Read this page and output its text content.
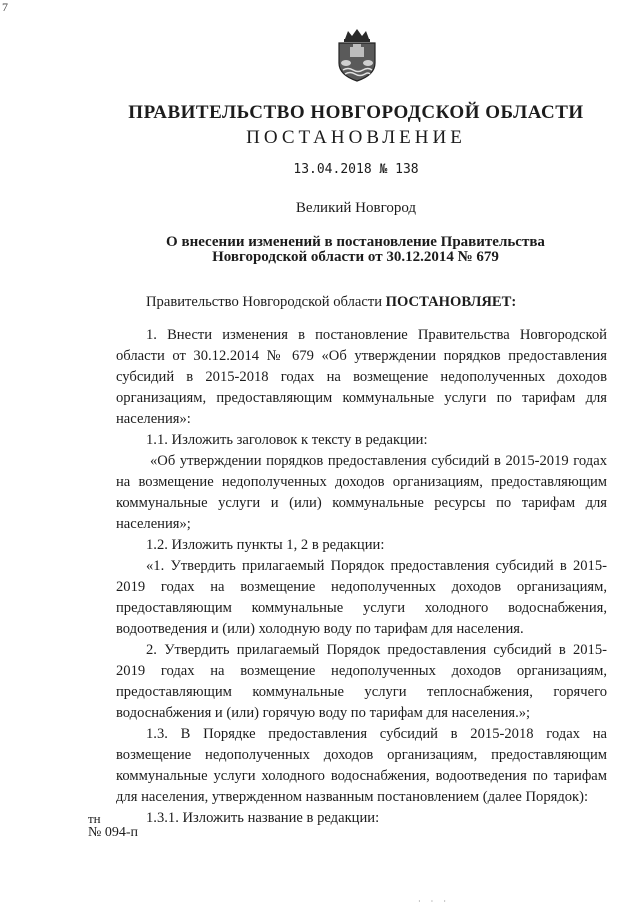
7
ПРАВИТЕЛЬСТВО НОВГОРОДСКОЙ ОБЛАСТИ
ПОСТАНОВЛЕНИЕ
13.04.2018 № 138
Великий Новгород
О внесении изменений в постановление Правительства
Новгородской области от 30.12.2014 № 679

Правительство Новгородской области ПОСТАНОВЛЯЕТ:

1. Внести изменения в постановление Правительства Новгородской области от 30.12.2014 № 679 «Об утверждении порядков предоставления субсидий в 2015-2018 годах на возмещение недополученных доходов организациям, предоставляющим коммунальные услуги по тарифам для населения»:

1.1. Изложить заголовок к тексту в редакции:

«Об утверждении порядков предоставления субсидий в 2015-2019 годах на возмещение недополученных доходов организациям, предоставляющим коммунальные услуги и (или) коммунальные ресурсы по тарифам для населения»;

1.2. Изложить пункты 1, 2 в редакции:

«1. Утвердить прилагаемый Порядок предоставления субсидий в 2015-2019 годах на возмещение недополученных доходов организациям, предоставляющим коммунальные услуги холодного водоснабжения, водоотведения и (или) холодную воду по тарифам для населения.

2. Утвердить прилагаемый Порядок предоставления субсидий в 2015-2019 годах на возмещение недополученных доходов организациям, предоставляющим коммунальные услуги теплоснабжения, горячего водоснабжения и (или) горячую воду по тарифам для населения.»;

1.3. В Порядке предоставления субсидий в 2015-2018 годах на возмещение недополученных доходов организациям, предоставляющим коммунальные услуги холодного водоснабжения, водоотведения по тарифам для населения, утвержденном названным постановлением (далее Порядок):

1.3.1. Изложить название в редакции:

тн
№ 094-п
· · ·
